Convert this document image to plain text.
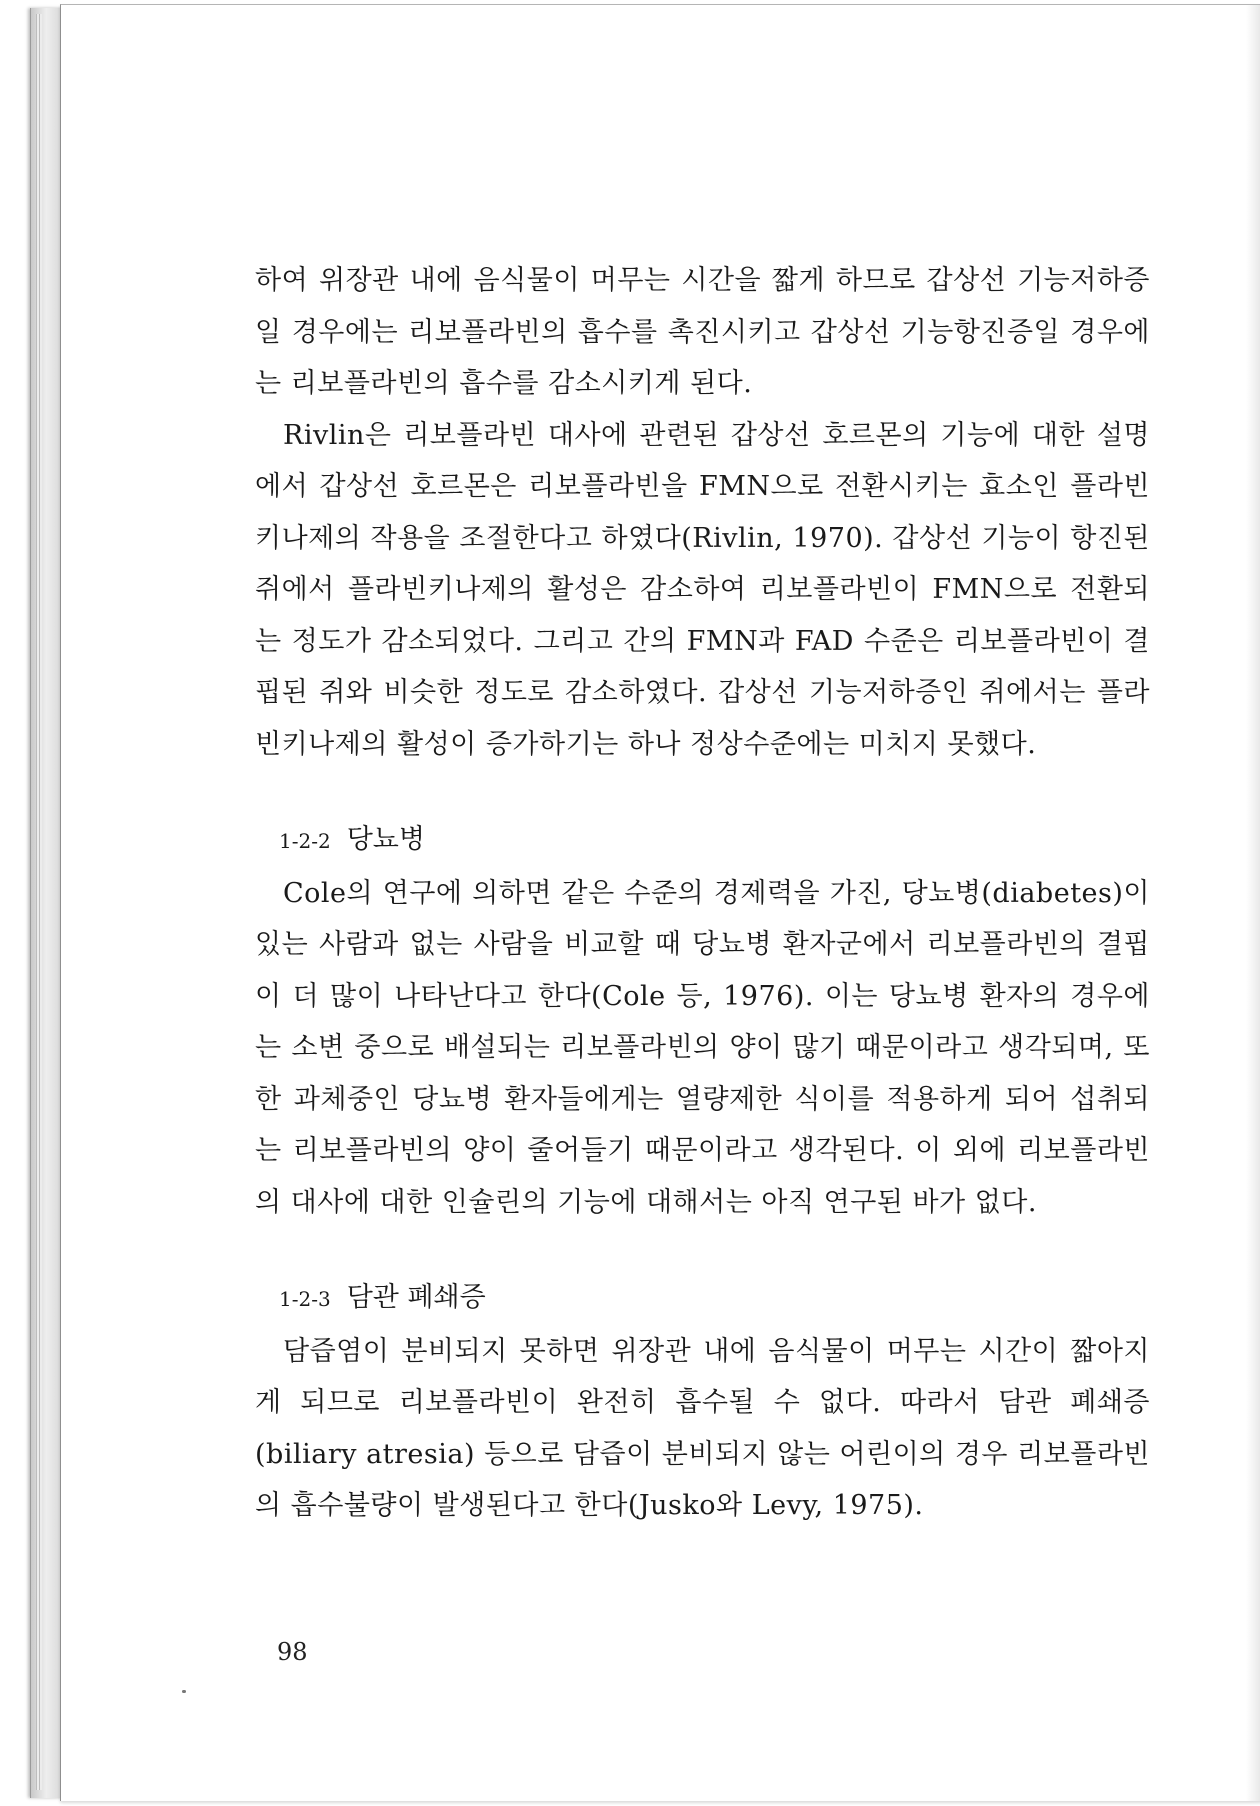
하여 위장관 내에 음식물이 머무는 시간을 짧게 하므로 갑상선 기능저하증일 경우에는 리보플라빈의 흡수를 촉진시키고 갑상선 기능항진증일 경우에는 리보플라빈의 흡수를 감소시키게 된다.

Rivlin은 리보플라빈 대사에 관련된 갑상선 호르몬의 기능에 대한 설명에서 갑상선 호르몬은 리보플라빈을 FMN으로 전환시키는 효소인 플라빈키나제의 작용을 조절한다고 하였다(Rivlin, 1970). 갑상선 기능이 항진된 쥐에서 플라빈키나제의 활성은 감소하여 리보플라빈이 FMN으로 전환되는 정도가 감소되었다. 그리고 간의 FMN과 FAD 수준은 리보플라빈이 결핍된 쥐와 비슷한 정도로 감소하였다. 갑상선 기능저하증인 쥐에서는 플라빈키나제의 활성이 증가하기는 하나 정상수준에는 미치지 못했다.

1-2-2 당뇨병

Cole의 연구에 의하면 같은 수준의 경제력을 가진, 당뇨병(diabetes)이 있는 사람과 없는 사람을 비교할 때 당뇨병 환자군에서 리보플라빈의 결핍이 더 많이 나타난다고 한다(Cole 등, 1976). 이는 당뇨병 환자의 경우에는 소변 중으로 배설되는 리보플라빈의 양이 많기 때문이라고 생각되며, 또한 과체중인 당뇨병 환자들에게는 열량제한 식이를 적용하게 되어 섭취되는 리보플라빈의 양이 줄어들기 때문이라고 생각된다. 이 외에 리보플라빈의 대사에 대한 인슐린의 기능에 대해서는 아직 연구된 바가 없다.

1-2-3 담관 폐쇄증

담즙염이 분비되지 못하면 위장관 내에 음식물이 머무는 시간이 짧아지게 되므로 리보플라빈이 완전히 흡수될 수 없다. 따라서 담관 폐쇄증(biliary atresia) 등으로 담즙이 분비되지 않는 어린이의 경우 리보플라빈의 흡수불량이 발생된다고 한다(Jusko와 Levy, 1975).

98
